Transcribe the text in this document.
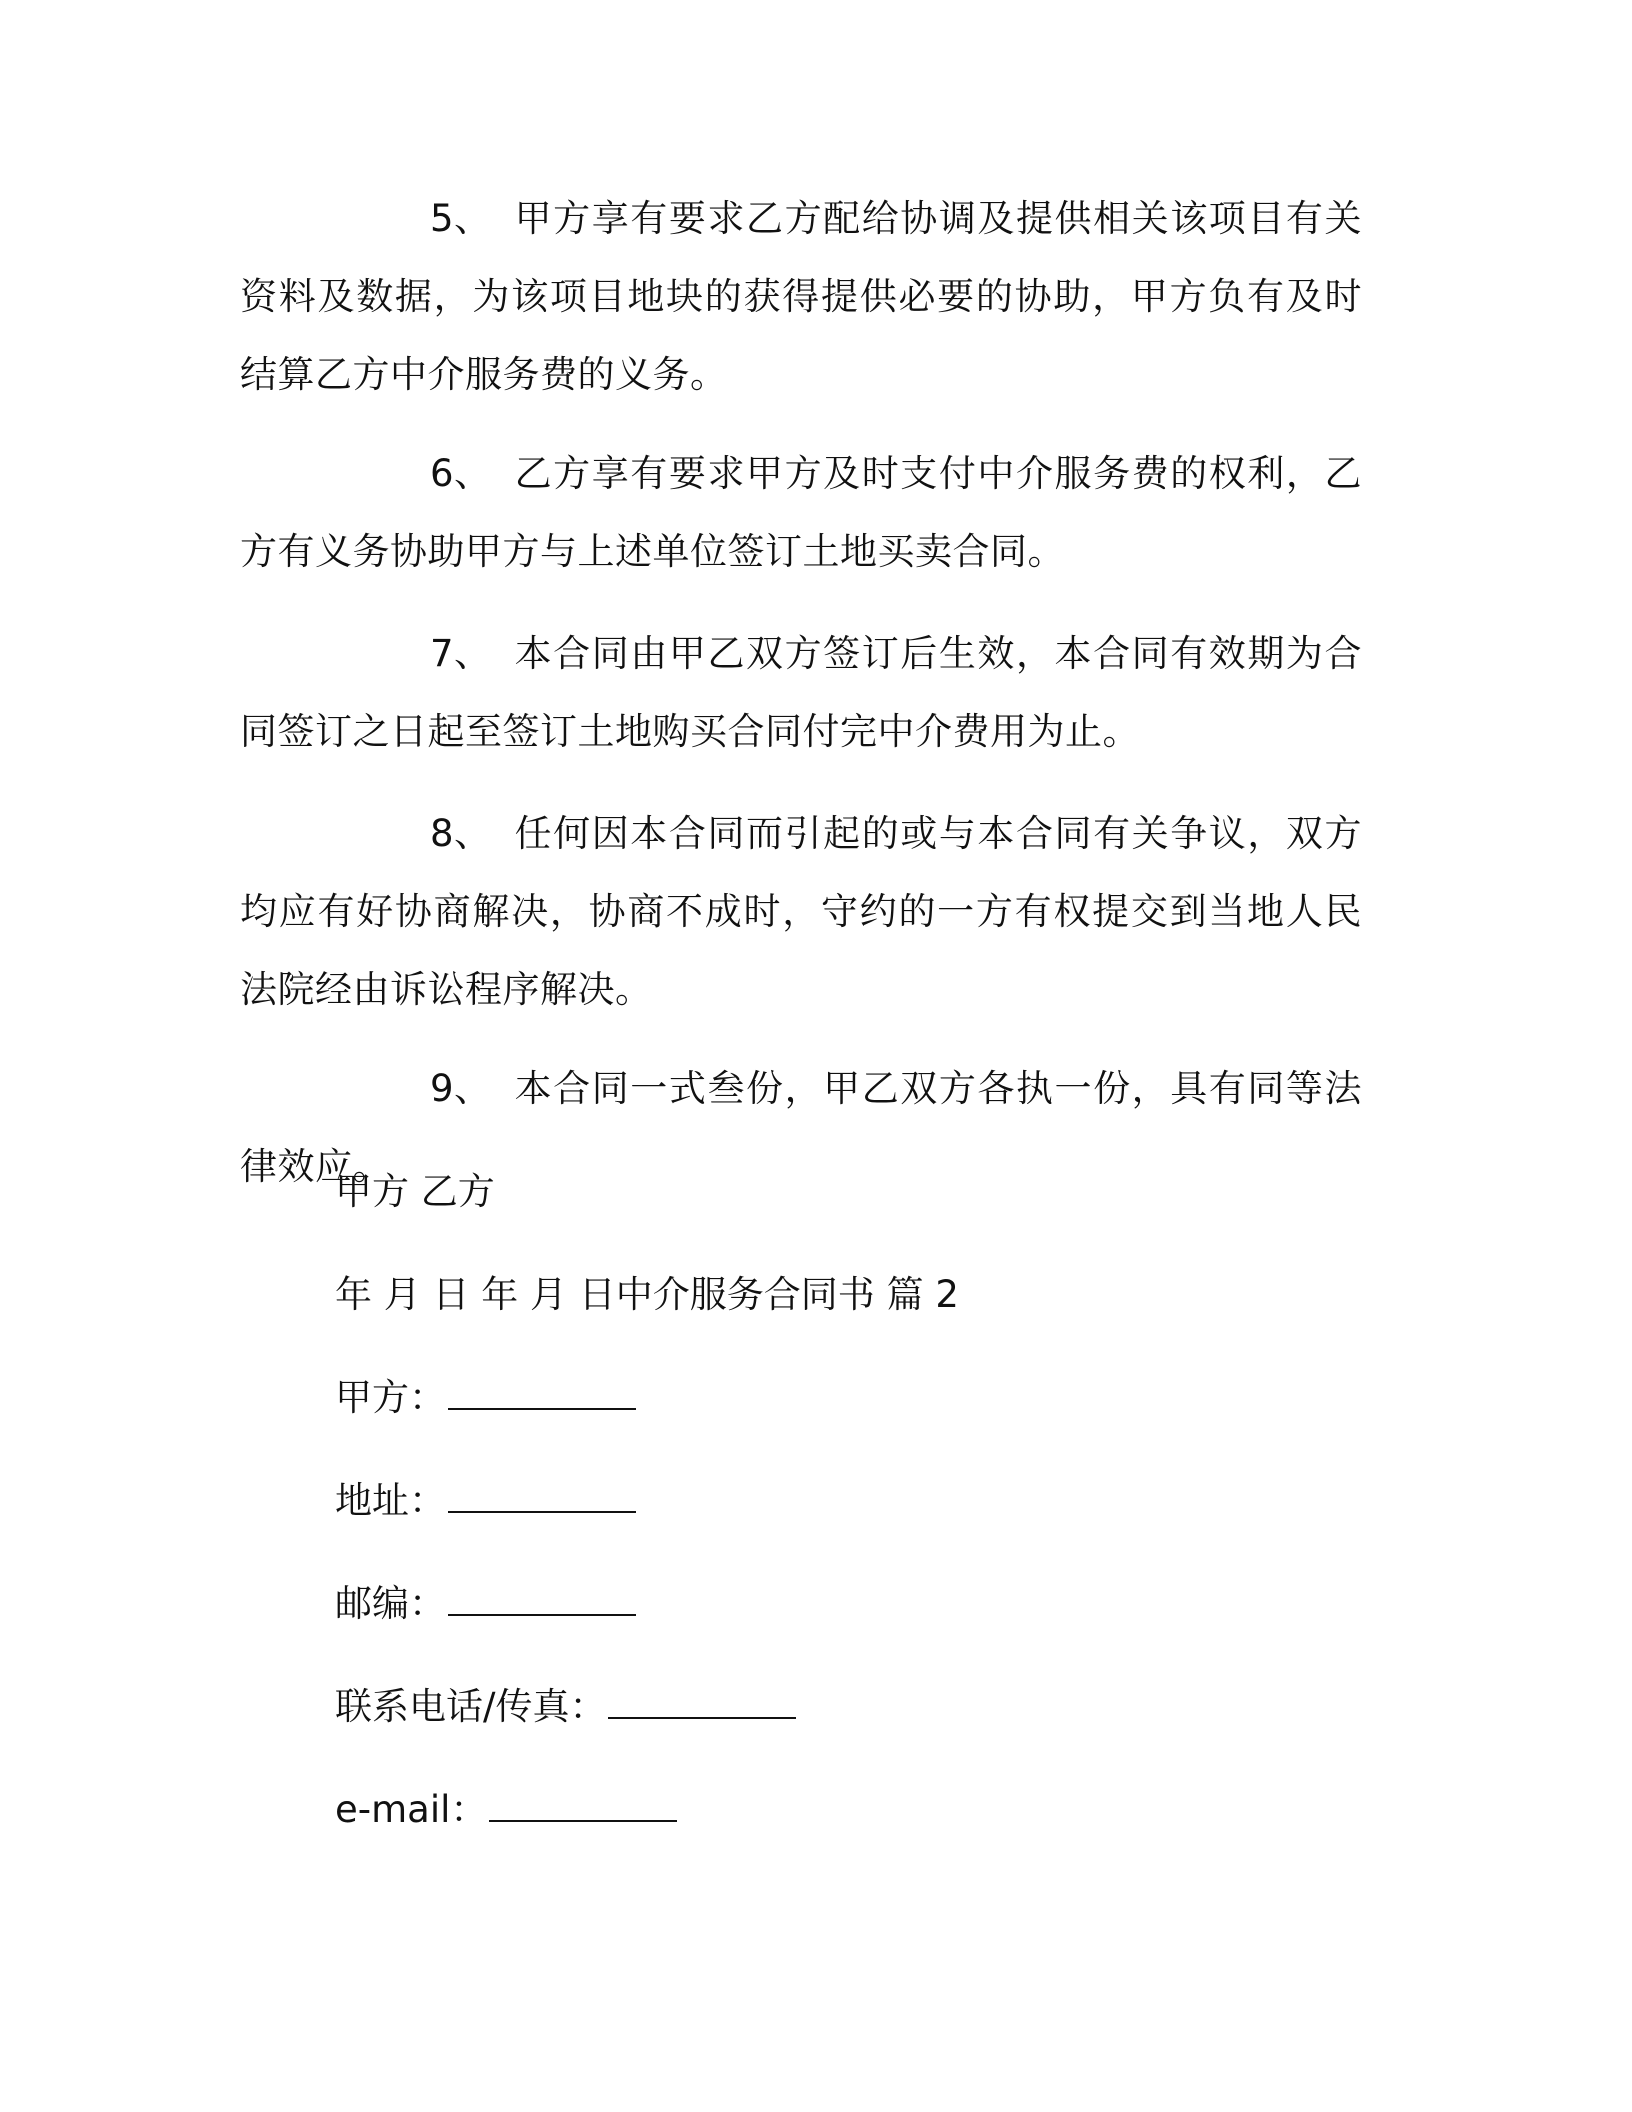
5、 甲方享有要求乙方配给协调及提供相关该项目有关资料及数据，为该项目地块的获得提供必要的协助，甲方负有及时结算乙方中介服务费的义务。

6、 乙方享有要求甲方及时支付中介服务费的权利，乙方有义务协助甲方与上述单位签订土地买卖合同。

7、 本合同由甲乙双方签订后生效，本合同有效期为合同签订之日起至签订土地购买合同付完中介费用为止。

8、 任何因本合同而引起的或与本合同有关争议，双方均应有好协商解决，协商不成时，守约的一方有权提交到当地人民法院经由诉讼程序解决。

9、 本合同一式叁份，甲乙双方各执一份，具有同等法律效应。

甲方 乙方

年 月 日 年 月 日中介服务合同书 篇 2

甲方：

地址：

邮编：

联系电话/传真：

e-mail：
